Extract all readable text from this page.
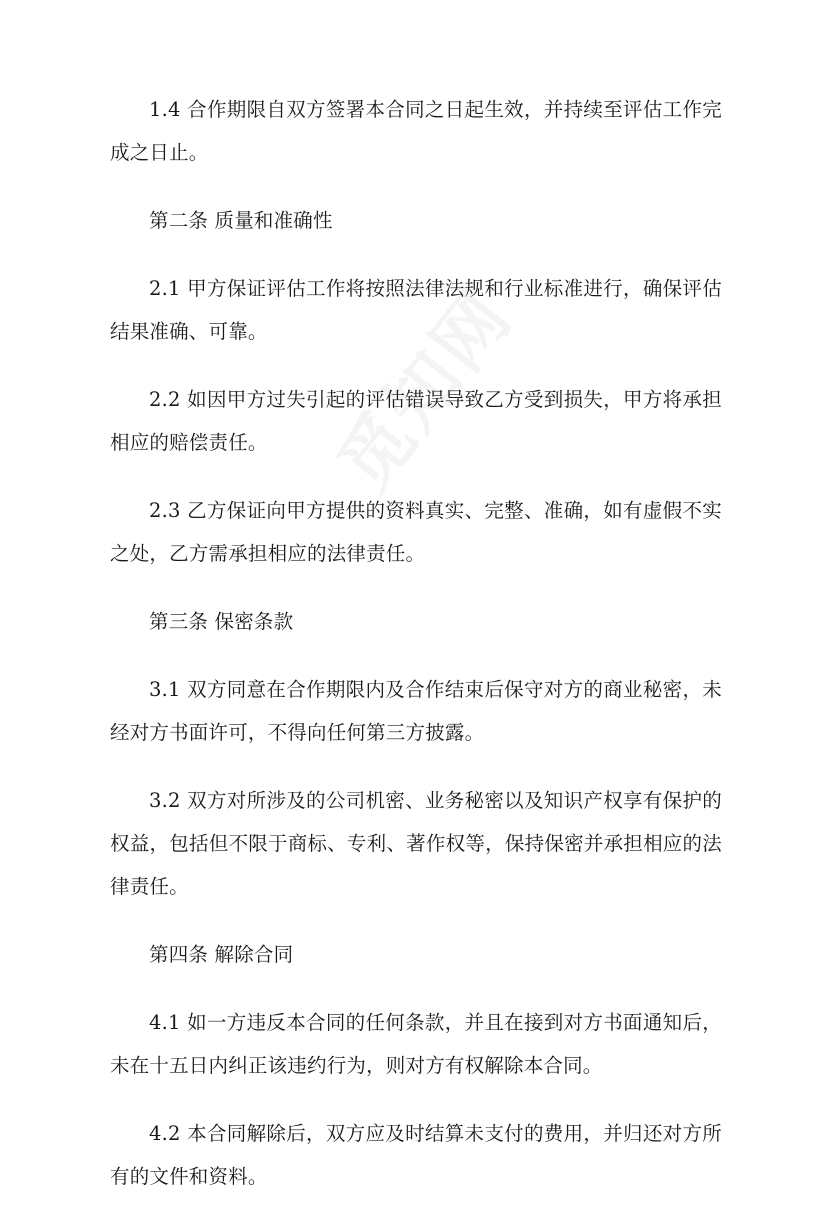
1.4 合作期限自双方签署本合同之日起生效，并持续至评估工作完成之日止。

第二条 质量和准确性

2.1 甲方保证评估工作将按照法律法规和行业标准进行，确保评估结果准确、可靠。

2.2 如因甲方过失引起的评估错误导致乙方受到损失，甲方将承担相应的赔偿责任。

2.3 乙方保证向甲方提供的资料真实、完整、准确，如有虚假不实之处，乙方需承担相应的法律责任。

第三条 保密条款

3.1 双方同意在合作期限内及合作结束后保守对方的商业秘密，未经对方书面许可，不得向任何第三方披露。

3.2 双方对所涉及的公司机密、业务秘密以及知识产权享有保护的权益，包括但不限于商标、专利、著作权等，保持保密并承担相应的法律责任。

第四条 解除合同

4.1 如一方违反本合同的任何条款，并且在接到对方书面通知后，未在十五日内纠正该违约行为，则对方有权解除本合同。

4.2 本合同解除后，双方应及时结算未支付的费用，并归还对方所有的文件和资料。
